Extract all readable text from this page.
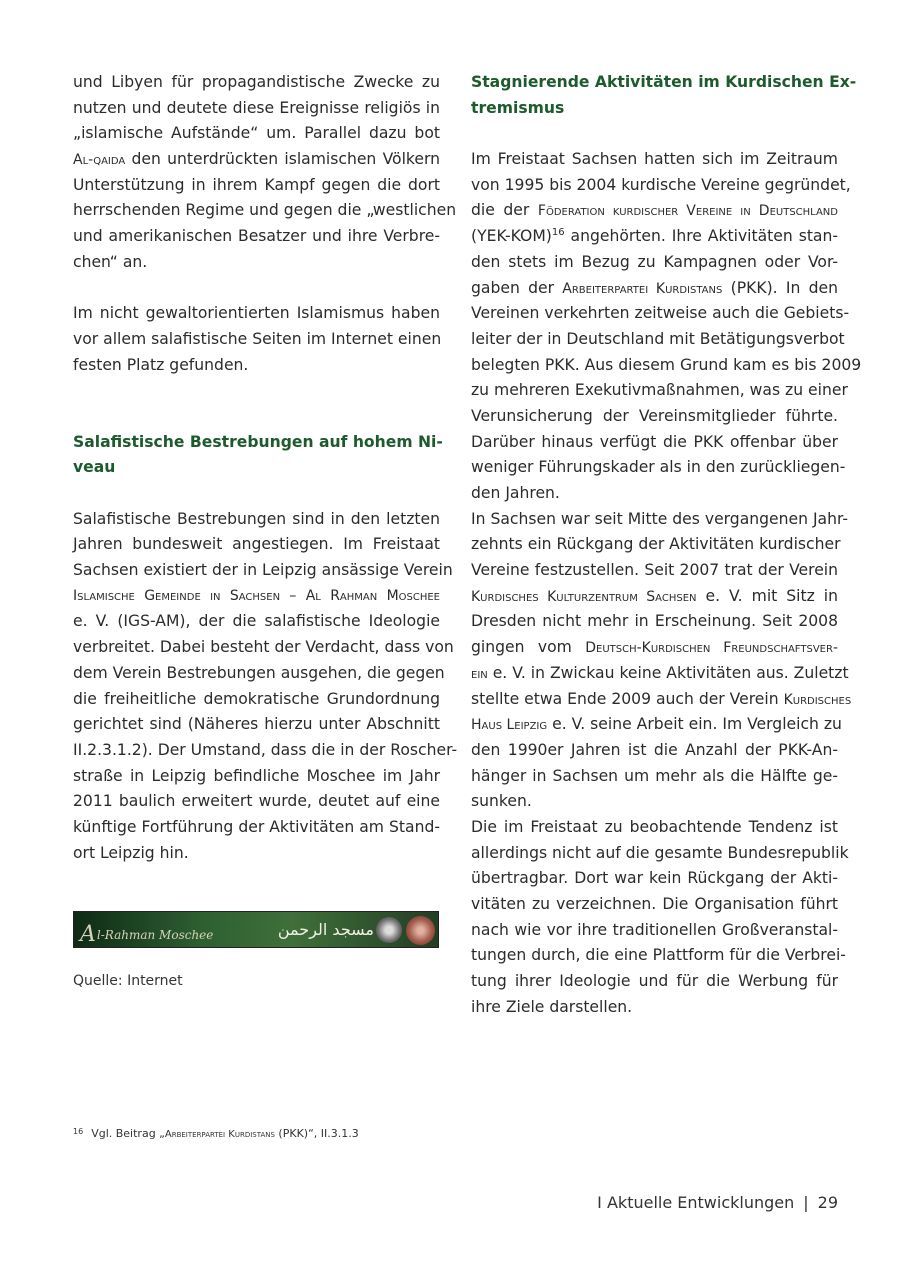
und Libyen für propagandistische Zwecke zu
nutzen und deutete diese Ereignisse religiös in
„islamische Aufstände“ um. Parallel dazu bot
Al-qaida den unterdrückten islamischen Völkern
Unterstützung in ihrem Kampf gegen die dort
herrschenden Regime und gegen die „westlichen
und amerikanischen Besatzer und ihre Verbre-
chen“ an.
Im nicht gewaltorientierten Islamismus haben
vor allem salafistische Seiten im Internet einen
festen Platz gefunden.
Salafistische Bestrebungen auf hohem Ni-
veau
Salafistische Bestrebungen sind in den letzten
Jahren bundesweit angestiegen. Im Freistaat
Sachsen existiert der in Leipzig ansässige Verein
Islamische Gemeinde in Sachsen – Al Rahman Moschee
e. V. (IGS-AM), der die salafistische Ideologie
verbreitet. Dabei besteht der Verdacht, dass von
dem Verein Bestrebungen ausgehen, die gegen
die freiheitliche demokratische Grundordnung
gerichtet sind (Näheres hierzu unter Abschnitt
II.2.3.1.2). Der Umstand, dass die in der Roscher-
straße in Leipzig befindliche Moschee im Jahr
2011 baulich erweitert wurde, deutet auf eine
künftige Fortführung der Aktivitäten am Stand-
ort Leipzig hin.
Al-Rahman Moschee	مسجد الرحمن
Quelle: Internet
Stagnierende Aktivitäten im Kurdischen Ex-
tremismus
Im Freistaat Sachsen hatten sich im Zeitraum
von 1995 bis 2004 kurdische Vereine gegründet,
die der Föderation kurdischer Vereine in Deutschland
$(YEK-KOM)^{16}$ angehörten. Ihre Aktivitäten stan-
den stets im Bezug zu Kampagnen oder Vor-
gaben der Arbeiterpartei Kurdistans (PKK). In den
Vereinen verkehrten zeitweise auch die Gebiets-
leiter der in Deutschland mit Betätigungsverbot
belegten PKK. Aus diesem Grund kam es bis 2009
zu mehreren Exekutivmaßnahmen, was zu einer
Verunsicherung der Vereinsmitglieder führte.
Darüber hinaus verfügt die PKK offenbar über
weniger Führungskader als in den zurückliegen-
den Jahren.
In Sachsen war seit Mitte des vergangenen Jahr-
zehnts ein Rückgang der Aktivitäten kurdischer
Vereine festzustellen. Seit 2007 trat der Verein
Kurdisches Kulturzentrum Sachsen e. V. mit Sitz in
Dresden nicht mehr in Erscheinung. Seit 2008
gingen vom Deutsch-Kurdischen Freundschaftsver-
ein e. V. in Zwickau keine Aktivitäten aus. Zuletzt
stellte etwa Ende 2009 auch der Verein Kurdisches
Haus Leipzig e. V. seine Arbeit ein. Im Vergleich zu
den 1990er Jahren ist die Anzahl der PKK-An-
hänger in Sachsen um mehr als die Hälfte ge-
sunken.
Die im Freistaat zu beobachtende Tendenz ist
allerdings nicht auf die gesamte Bundesrepublik
übertragbar. Dort war kein Rückgang der Akti-
vitäten zu verzeichnen. Die Organisation führt
nach wie vor ihre traditionellen Großveranstal-
tungen durch, die eine Plattform für die Verbrei-
tung ihrer Ideologie und für die Werbung für
ihre Ziele darstellen.
$^{16}$ Vgl. Beitrag „Arbeiterpartei Kurdistans (PKK)“, II.3.1.3
I Aktuelle Entwicklungen | 29
